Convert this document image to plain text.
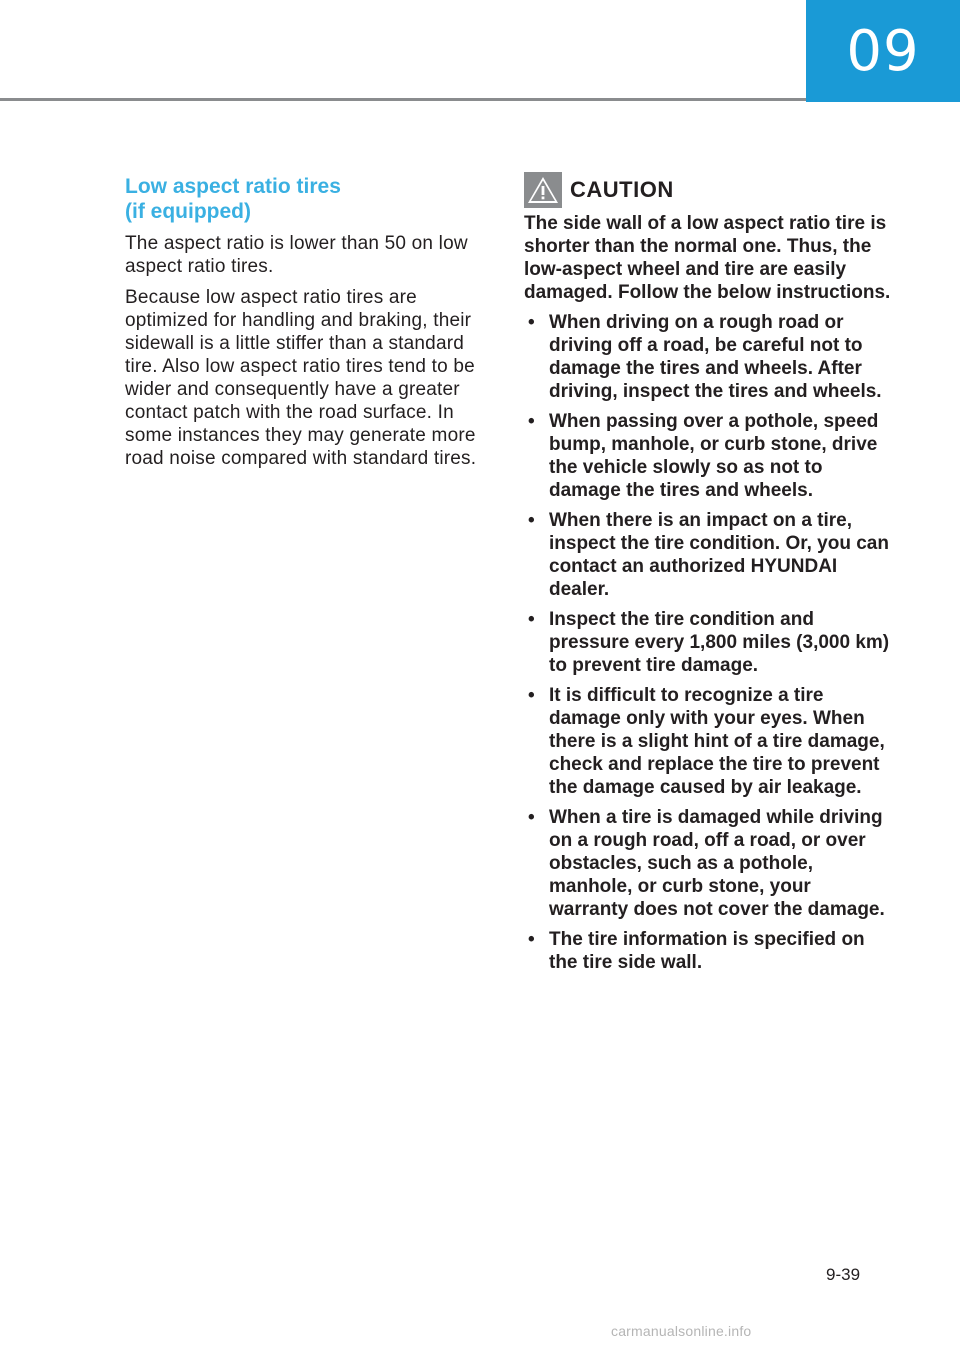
09
Low aspect ratio tires
(if equipped)

The aspect ratio is lower than 50 on low aspect ratio tires.

Because low aspect ratio tires are optimized for handling and braking, their sidewall is a little stiffer than a standard tire. Also low aspect ratio tires tend to be wider and consequently have a greater contact patch with the road surface. In some instances they may generate more road noise compared with standard tires.

CAUTION

The side wall of a low aspect ratio tire is shorter than the normal one. Thus, the low-aspect wheel and tire are easily damaged. Follow the below instructions.

• When driving on a rough road or driving off a road, be careful not to damage the tires and wheels. After driving, inspect the tires and wheels.
• When passing over a pothole, speed bump, manhole, or curb stone, drive the vehicle slowly so as not to damage the tires and wheels.
• When there is an impact on a tire, inspect the tire condition. Or, you can contact an authorized HYUNDAI dealer.
• Inspect the tire condition and pressure every 1,800 miles (3,000 km) to prevent tire damage.
• It is difficult to recognize a tire damage only with your eyes. When there is a slight hint of a tire damage, check and replace the tire to prevent the damage caused by air leakage.
• When a tire is damaged while driving on a rough road, off a road, or over obstacles, such as a pothole, manhole, or curb stone, your warranty does not cover the damage.
• The tire information is specified on the tire side wall.
9-39
carmanualsonline.info
